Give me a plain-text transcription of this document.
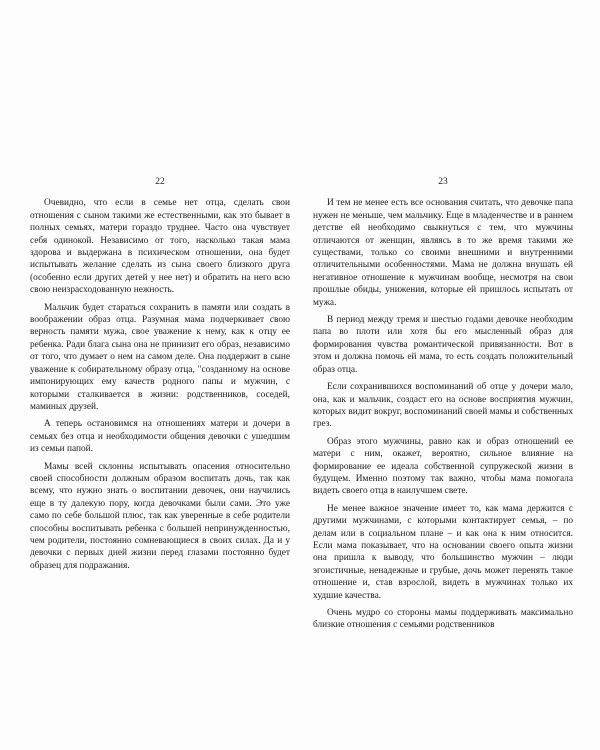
22

Очевидно, что если в семье нет отца, сделать свои отношения с сыном такими же естественными, как это бывает в полных семьях, матери гораздо труднее. Часто она чувствует себя одинокой. Независимо от того, насколько такая мама здорова и выдержана в психическом отношении, она будет испытывать желание сделать из сына своего близкого друга (особенно если других детей у нее нет) и обратить на него всю свою неизрасходованную нежность.

Мальчик будет стараться сохранить в памяти или создать в воображении образ отца. Разумная мама подчеркивает свою верность памяти мужа, свое уважение к нему, как к отцу ее ребенка. Ради блага сына она не принизит его образ, независимо от того, что думает о нем на самом деле. Она поддержит в сыне уважение к собирательному образу отца, "созданному на основе импонирующих ему качеств родного папы и мужчин, с которыми сталкивается в жизни: родственников, соседей, маминых друзей.

А теперь остановимся на отношениях матери и дочери в семьях без отца и необходимости общения девочки с ушедшим из семьи папой.

Мамы всей склонны испытывать опасения относительно своей способности должным образом воспитать дочь, так как всему, что нужно знать о воспитании девочек, они научились еще в ту далекую пору, когда девочками были сами. Это уже само по себе большой плюс, так как уверенные в себе родители способны воспитывать ребенка с большей непринужденностью, чем родители, постоянно сомневающиеся в своих силах. Да и у девочки с первых дней жизни перед глазами постоянно будет образец для подражания.

23

И тем не менее есть все основания считать, что девочке папа нужен не меньше, чем мальчику. Еще в младенчестве и в раннем детстве ей необходимо свыкнуться с тем, что мужчины отличаются от женщин, являясь в то же время такими же существами, только со своими внешними и внутренними отличительными особенностями. Мама не должна внушать ей негативное отношение к мужчинам вообще, несмотря на свои прошлые обиды, унижения, которые ей пришлось испытать от мужа.

В период между тремя и шестью годами девочке необходим папа во плоти или хотя бы его мысленный образ для формирования чувства романтической привязанности. Вот в этом и должна помочь ей мама, то есть создать положительный образ отца.

Если сохранившихся воспоминаний об отце у дочери мало, она, как и мальчик, создаст его на основе восприятия мужчин, которых видит вокруг, воспоминаний своей мамы и собственных грез.

Образ этого мужчины, равно как и образ отношений ее матери с ним, окажет, вероятно, сильное влияние на формирование ее идеала собственной супружеской жизни в будущем. Именно поэтому так важно, чтобы мама помогала видеть своего отца в наилучшем свете.

Не менее важное значение имеет то, как мама держится с другими мужчинами, с которыми контактирует семья, – по делам или в социальном плане – и как она к ним относится. Если мама показывает, что на основании своего опыта жизни она пришла к выводу, что большинство мужчин – люди эгоистичные, ненадежные и грубые, дочь может перенять такое отношение и, став взрослой, видеть в мужчинах только их худшие качества.

Очень мудро со стороны мамы поддерживать максимально близкие отношения с семьями родственников
